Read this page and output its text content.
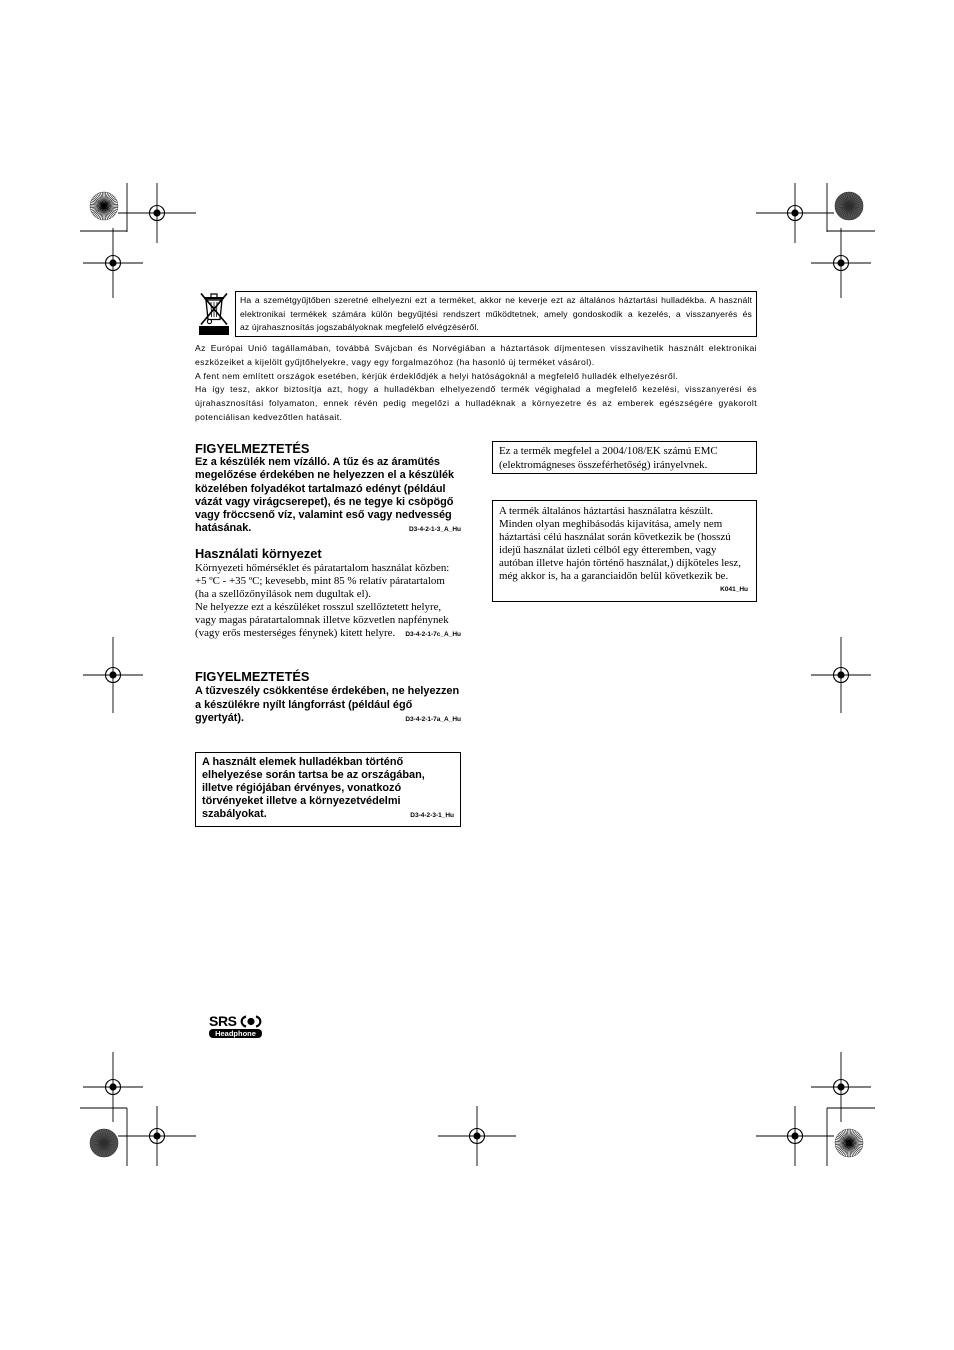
Ha a szemétgyűjtőben szeretné elhelyezni ezt a terméket, akkor ne keverje ezt az általános háztartási hulladékba. A használt
elektronikai termékek számára külön begyűjtési rendszert működtetnek, amely gondoskodik a kezelés, a visszanyerés és
az újrahasznosítás jogszabályoknak megfelelő elvégzéséről.
Az Európai Unió tagállamában, továbbá Svájcban és Norvégiában a háztartások díjmentesen visszavihetik használt elektronikai
eszközeiket a kijelölt gyűjtőhelyekre, vagy egy forgalmazóhoz (ha hasonló új terméket vásárol).
A fent nem említett országok esetében, kérjük érdeklődjék a helyi hatóságoknál a megfelelő hulladék elhelyezésről.
Ha így tesz, akkor biztosítja azt, hogy a hulladékban elhelyezendő termék végighalad a megfelelő kezelési, visszanyerési és
újrahasznosítási folyamaton, ennek révén pedig megelőzi a hulladéknak a környezetre és az emberek egészségére gyakorolt
potenciálisan kedvezőtlen hatásait.
FIGYELMEZTETÉS
Ez a készülék nem vízálló. A tűz és az áramütés
megelőzése érdekében ne helyezzen el a készülék
közelében folyadékot tartalmazó edényt (például
vázát vagy virágcserepet), és ne tegye ki csöpögő
vagy fröccsenő víz, valamint eső vagy nedvesség
hatásának.	D3-4-2-1-3_A_Hu
Használati környezet
Környezeti hőmérséklet és páratartalom használat közben:
+5 ºC - +35 ºC; kevesebb, mint 85 % relatív páratartalom
(ha a szellőzőnyílások nem dugultak el).
Ne helyezze ezt a készüléket rosszul szellőztetett helyre,
vagy magas páratartalomnak illetve közvetlen napfénynek
(vagy erős mesterséges fénynek) kitett helyre. D3-4-2-1-7c_A_Hu
FIGYELMEZTETÉS
A tűzveszély csökkentése érdekében, ne helyezzen
a készülékre nyílt lángforrást (például égő
gyertyát).	D3-4-2-1-7a_A_Hu
A használt elemek hulladékban történő
elhelyezése során tartsa be az országában,
illetve régiójában érvényes, vonatkozó
törvényeket illetve a környezetvédelmi
szabályokat.	D3-4-2-3-1_Hu
Ez a termék megfelel a 2004/108/EK számú EMC
(elektromágneses összeférhetőség) irányelvnek.
A termék általános háztartási használatra készült.
Minden olyan meghibásodás kijavítása, amely nem
háztartási célú használat során következik be (hosszú
idejű használat üzleti célból egy étteremben, vagy
autóban illetve hajón történő használat,) díjköteles lesz,
még akkor is, ha a garanciaidőn belül következik be.
K041_Hu
SRS
Headphone
